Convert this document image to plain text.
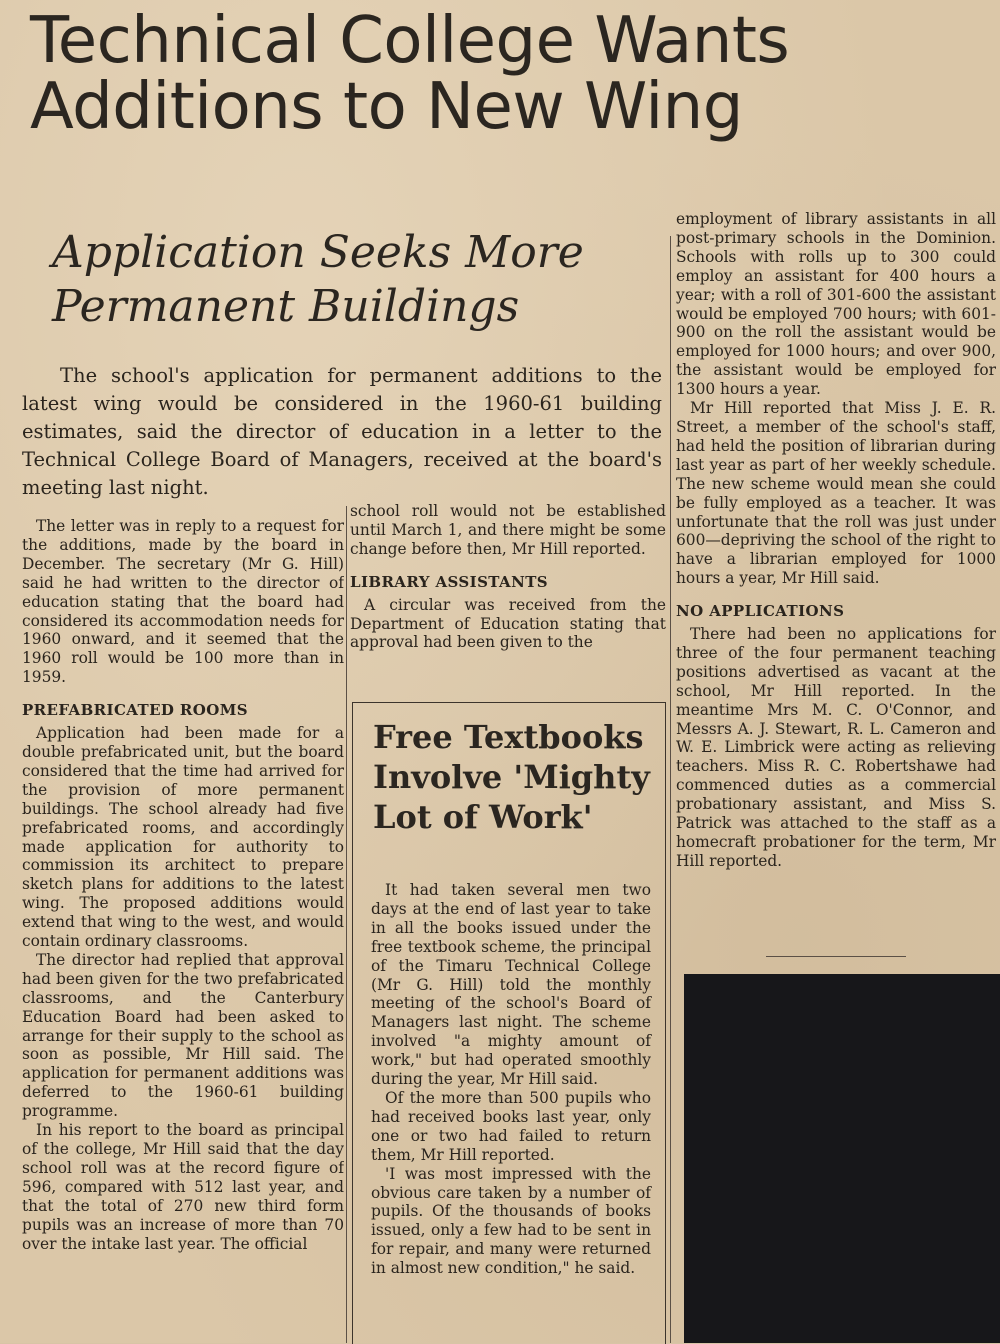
Technical College Wants Additions to New Wing
Application Seeks More Permanent Buildings

The school's application for permanent additions to the latest wing would be considered in the 1960-61 building estimates, said the director of education in a letter to the Technical College Board of Managers, received at the board's meeting last night.

The letter was in reply to a request for the additions, made by the board in December. The secretary (Mr G. Hill) said he had written to the director of education stating that the board had considered its accommodation needs for 1960 onward, and it seemed that the 1960 roll would be 100 more than in 1959.

PREFABRICATED ROOMS

Application had been made for a double prefabricated unit, but the board considered that the time had arrived for the provision of more permanent buildings. The school already had five prefabricated rooms, and accordingly made application for authority to commission its architect to prepare sketch plans for additions to the latest wing. The proposed additions would extend that wing to the west, and would contain ordinary classrooms.

The director had replied that approval had been given for the two prefabricated classrooms, and the Canterbury Education Board had been asked to arrange for their supply to the school as soon as possible, Mr Hill said. The application for permanent additions was deferred to the 1960-61 building programme.

In his report to the board as principal of the college, Mr Hill said that the day school roll was at the record figure of 596, compared with 512 last year, and that the total of 270 new third form pupils was an increase of more than 70 over the intake last year. The official

school roll would not be established until March 1, and there might be some change before then, Mr Hill reported.

LIBRARY ASSISTANTS

A circular was received from the Department of Education stating that approval had been given to the

Free Textbooks Involve 'Mighty Lot of Work'

It had taken several men two days at the end of last year to take in all the books issued under the free textbook scheme, the principal of the Timaru Technical College (Mr G. Hill) told the monthly meeting of the school's Board of Managers last night. The scheme involved "a mighty amount of work," but had operated smoothly during the year, Mr Hill said.

Of the more than 500 pupils who had received books last year, only one or two had failed to return them, Mr Hill reported.

'I was most impressed with the obvious care taken by a number of pupils. Of the thousands of books issued, only a few had to be sent in for repair, and many were returned in almost new condition," he said.

employment of library assistants in all post-primary schools in the Dominion. Schools with rolls up to 300 could employ an assistant for 400 hours a year; with a roll of 301-600 the assistant would be employed 700 hours; with 601-900 on the roll the assistant would be employed for 1000 hours; and over 900, the assistant would be employed for 1300 hours a year.

Mr Hill reported that Miss J. E. R. Street, a member of the school's staff, had held the position of librarian during last year as part of her weekly schedule. The new scheme would mean she could be fully employed as a teacher. It was unfortunate that the roll was just under 600—depriving the school of the right to have a librarian employed for 1000 hours a year, Mr Hill said.

NO APPLICATIONS

There had been no applications for three of the four permanent teaching positions advertised as vacant at the school, Mr Hill reported. In the meantime Mrs M. C. O'Connor, and Messrs A. J. Stewart, R. L. Cameron and W. E. Limbrick were acting as relieving teachers. Miss R. C. Robertshawe had commenced duties as a commercial probationary assistant, and Miss S. Patrick was attached to the staff as a homecraft probationer for the term, Mr Hill reported.
